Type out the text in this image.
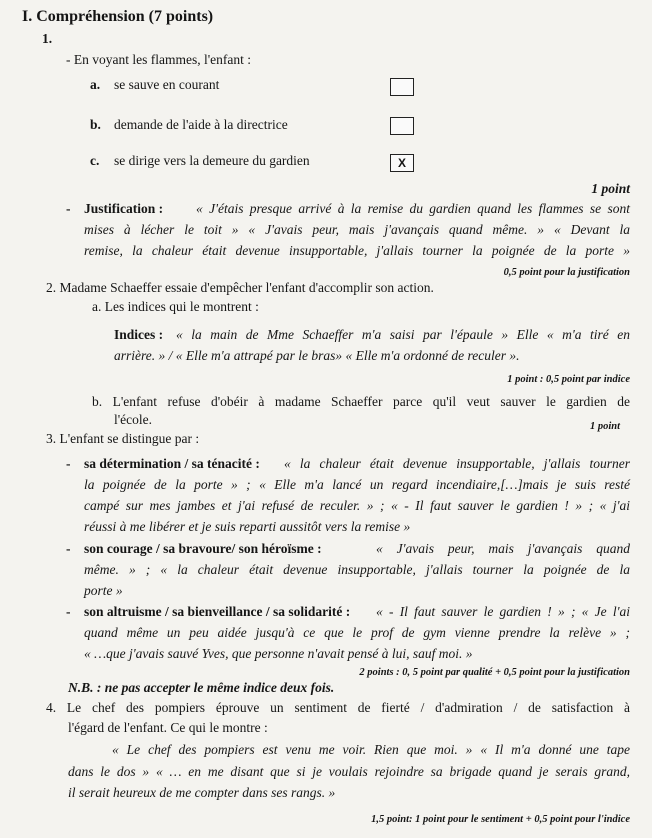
I. Compréhension (7 points)
1.
- En voyant les flammes, l'enfant :
a. se sauve en courant
b. demande de l'aide à la directrice
c. se dirige vers la demeure du gardien	X
1 point
- Justification : « J'étais presque arrivé à la remise du gardien quand les flammes se sont
mises à lécher le toit » « J'avais peur, mais j'avançais quand même. » « Devant la
remise, la chaleur était devenue insupportable, j'allais tourner la poignée de la porte »
0,5 point pour la justification
2. Madame Schaeffer essaie d'empêcher l'enfant d'accomplir son action.
a. Les indices qui le montrent :
Indices : « la main de Mme Schaeffer m'a saisi par l'épaule » Elle « m'a tiré en
arrière. » / « Elle m'a attrapé par le bras» « Elle m'a ordonné de reculer ».
1 point : 0,5 point par indice
b. L'enfant refuse d'obéir à madame Schaeffer parce qu'il veut sauver le gardien de
l'école.	1 point
3. L'enfant se distingue par :
- sa détermination / sa ténacité : « la chaleur était devenue insupportable, j'allais tourner
la poignée de la porte » ; « Elle m'a lancé un regard incendiaire,[…]mais je suis resté
campé sur mes jambes et j'ai refusé de reculer. » ; « - Il faut sauver le gardien ! » ; « j'ai
réussi à me libérer et je suis reparti aussitôt vers la remise »
- son courage / sa bravoure/ son héroïsme :	« J'avais peur, mais j'avançais quand
même. » ; « la chaleur était devenue insupportable, j'allais tourner la poignée de la
porte »
- son altruisme / sa bienveillance / sa solidarité : « - Il faut sauver le gardien ! » ; « Je l'ai
quand même un peu aidée jusqu'à ce que le prof de gym vienne prendre la relève » ;
« …que j'avais sauvé Yves, que personne n'avait pensé à lui, sauf moi. »
2 points : 0, 5 point par qualité + 0,5 point pour la justification
N.B. : ne pas accepter le même indice deux fois.
4. Le chef des pompiers éprouve un sentiment de fierté / d'admiration / de satisfaction à
l'égard de l'enfant. Ce qui le montre :
« Le chef des pompiers est venu me voir. Rien que moi. » « Il m'a donné une tape
dans le dos » « … en me disant que si je voulais rejoindre sa brigade quand je serais grand,
il serait heureux de me compter dans ses rangs. »
1,5 point: 1 point pour le sentiment + 0,5 point pour l'indice
